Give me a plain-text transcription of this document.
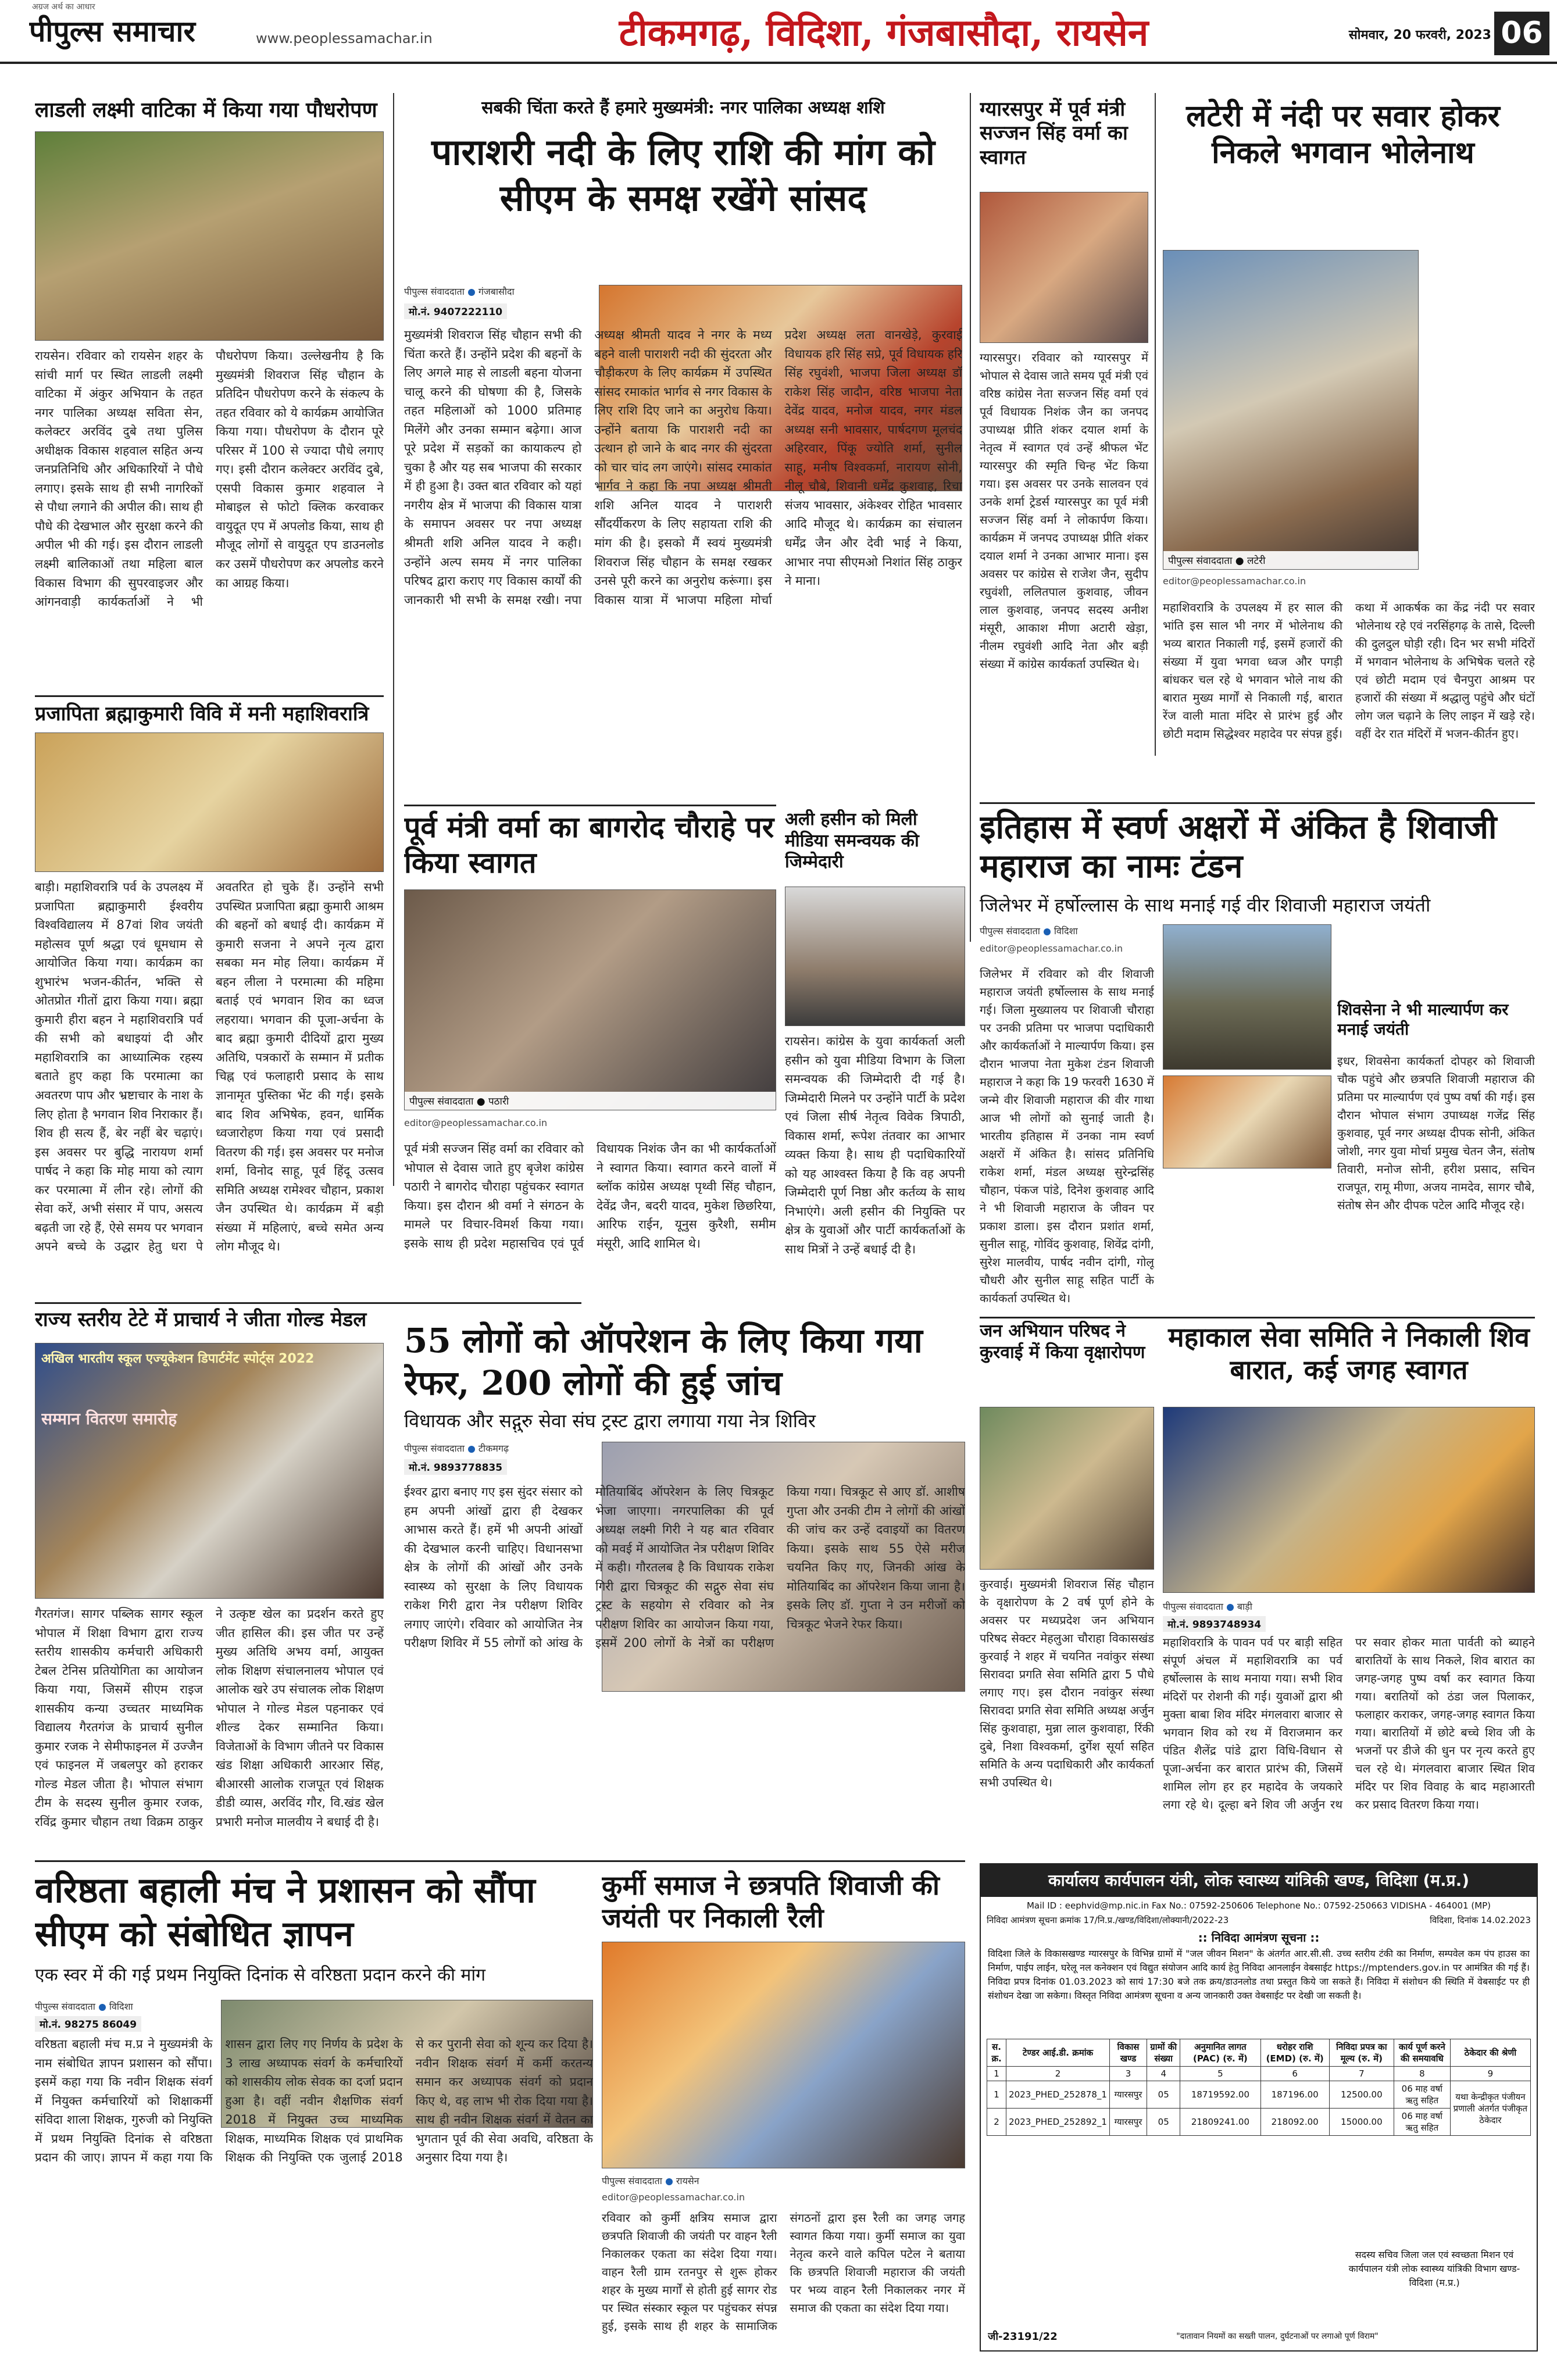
पीपुल्स समाचार
अग्रज अर्थ का आधार
www.peoplessamachar.in	टीकमगढ़, विदिशा, गंजबासौदा, रायसेन	सोमवार, 20 फरवरी, 2023 06
लाडली लक्ष्मी वाटिका में किया गया पौधरोपण
रायसेन। रविवार को रायसेन शहर के सांची मार्ग पर स्थित लाडली लक्ष्मी वाटिका में अंकुर अभियान के तहत नगर पालिका अध्यक्ष सविता सेन, कलेक्टर अरविंद दुबे तथा पुलिस अधीक्षक विकास शहवाल सहित अन्य जनप्रतिनिधि और अधिकारियों ने पौधे लगाए। इसके साथ ही सभी नागरिकों से पौधा लगाने की अपील की। साथ ही पौधे की देखभाल और सुरक्षा करने की अपील भी की गई। इस दौरान लाडली लक्ष्मी बालिकाओं तथा महिला बाल विकास विभाग की सुपरवाइजर और आंगनवाड़ी कार्यकर्ताओं ने भी पौधरोपण किया। उल्लेखनीय है कि मुख्यमंत्री शिवराज सिंह चौहान के प्रतिदिन पौधरोपण करने के संकल्प के तहत रविवार को ये कार्यक्रम आयोजित किया गया। पौधरोपण के दौरान पूरे परिसर में 100 से ज्यादा पौधे लगाए गए। इसी दौरान कलेक्टर अरविंद दुबे, एसपी विकास कुमार शहवाल ने मोबाइल से फोटो क्लिक करवाकर वायुदूत एप में अपलोड किया, साथ ही मौजूद लोगों से वायुदूत एप डाउनलोड कर उसमें पौधरोपण कर अपलोड करने का आग्रह किया।
प्रजापिता ब्रह्माकुमारी विवि में मनी महाशिवरात्रि
बाड़ी। महाशिवरात्रि पर्व के उपलक्ष्य में प्रजापिता ब्रह्माकुमारी ईश्वरीय विश्वविद्यालय में 87वां शिव जयंती महोत्सव पूर्ण श्रद्धा एवं धूमधाम से आयोजित किया गया। कार्यक्रम का शुभारंभ भजन-कीर्तन, भक्ति से ओतप्रोत गीतों द्वारा किया गया। ब्रह्मा कुमारी हीरा बहन ने महाशिवरात्रि पर्व की सभी को बधाइयां दी और महाशिवरात्रि का आध्यात्मिक रहस्य बताते हुए कहा कि परमात्मा का अवतरण पाप और भ्रष्टाचार के नाश के लिए होता है भगवान शिव निराकार हैं। शिव ही सत्य हैं, बेर नहीं बेर चढ़ाएं। इस अवसर पर बुद्धि नारायण शर्मा पार्षद ने कहा कि मोह माया को त्याग कर परमात्मा में लीन रहे। लोगों की सेवा करें, अभी संसार में पाप, असत्य बढ़ती जा रहे हैं, ऐसे समय पर भगवान अपने बच्चे के उद्धार हेतु धरा पे अवतरित हो चुके हैं। उन्होंने सभी उपस्थित प्रजापिता ब्रह्मा कुमारी आश्रम की बहनों को बधाई दी। कार्यक्रम में कुमारी सजना ने अपने नृत्य द्वारा सबका मन मोह लिया। कार्यक्रम में बहन लीला ने परमात्मा की महिमा बताई एवं भगवान शिव का ध्वज लहराया। भगवान की पूजा-अर्चना के बाद ब्रह्मा कुमारी दीदियों द्वारा मुख्य अतिथि, पत्रकारों के सम्मान में प्रतीक चिह्न एवं फलाहारी प्रसाद के साथ ज्ञानामृत पुस्तिका भेंट की गई। इसके बाद शिव अभिषेक, हवन, धार्मिक ध्वजारोहण किया गया एवं प्रसादी वितरण की गई। इस अवसर पर मनोज शर्मा, विनोद साहू, पूर्व हिंदू उत्सव समिति अध्यक्ष रामेश्वर चौहान, प्रकाश जैन उपस्थित थे। कार्यक्रम में बड़ी संख्या में महिलाएं, बच्चे समेत अन्य लोग मौजूद थे।
सबकी चिंता करते हैं हमारे मुख्यमंत्री: नगर पालिका अध्यक्ष शशि
पाराशरी नदी के लिए राशि की मांग को सीएम के समक्ष रखेंगे सांसद
पीपुल्स संवाददाता गंजबासौदा
मो.नं. 9407222110
मुख्यमंत्री शिवराज सिंह चौहान सभी की चिंता करते हैं। उन्होंने प्रदेश की बहनों के लिए अगले माह से लाडली बहना योजना चालू करने की घोषणा की है, जिसके तहत महिलाओं को 1000 प्रतिमाह मिलेंगे और उनका सम्मान बढ़ेगा। आज पूरे प्रदेश में सड़कों का कायाकल्प हो चुका है और यह सब भाजपा की सरकार में ही हुआ है। उक्त बात रविवार को यहां नगरीय क्षेत्र में भाजपा की विकास यात्रा के समापन अवसर पर नपा अध्यक्ष श्रीमती शशि अनिल यादव ने कही। उन्होंने अल्प समय में नगर पालिका परिषद द्वारा कराए गए विकास कार्यों की जानकारी भी सभी के समक्ष रखी। नपा अध्यक्ष श्रीमती यादव ने नगर के मध्य बहने वाली पाराशरी नदी की सुंदरता और चौड़ीकरण के लिए कार्यक्रम में उपस्थित सांसद रमाकांत भार्गव से नगर विकास के लिए राशि दिए जाने का अनुरोध किया। उन्होंने बताया कि पाराशरी नदी का उत्थान हो जाने के बाद नगर की सुंदरता को चार चांद लग जाएंगे। सांसद रमाकांत भार्गव ने कहा कि नपा अध्यक्ष श्रीमती शशि अनिल यादव ने पाराशरी सौंदर्यीकरण के लिए सहायता राशि की मांग की है। इसको मैं स्वयं मुख्यमंत्री शिवराज सिंह चौहान के समक्ष रखकर उनसे पूरी करने का अनुरोध करूंगा। इस विकास यात्रा में भाजपा महिला मोर्चा प्रदेश अध्यक्ष लता वानखेड़े, कुरवाई विधायक हरि सिंह सप्रे, पूर्व विधायक हरि सिंह रघुवंशी, भाजपा जिला अध्यक्ष डॉ राकेश सिंह जादौन, वरिष्ठ भाजपा नेता देवेंद्र यादव, मनोज यादव, नगर मंडल अध्यक्ष सनी भावसार, पार्षदगण मूलचंद अहिरवार, पिंकू ज्योति शर्मा, सुनील साहू, मनीष विश्वकर्मा, नारायण सोनी, नीलू चौबे, शिवानी धर्मेंद्र कुशवाह, रिचा संजय भावसार, अंकेश्वर रोहित भावसार आदि मौजूद थे। कार्यक्रम का संचालन धर्मेंद्र जैन और देवी भाई ने किया, आभार नपा सीएमओ निशांत सिंह ठाकुर ने माना।
पूर्व मंत्री वर्मा का बागरोद चौराहे पर किया स्वागत
पीपुल्स संवाददाता ● पठारी
editor@peoplessamachar.co.in
पूर्व मंत्री सज्जन सिंह वर्मा का रविवार को भोपाल से देवास जाते हुए बृजेश कांग्रेस पठारी ने बागरोद चौराहा पहुंचकर स्वागत किया। इस दौरान श्री वर्मा ने संगठन के मामले पर विचार-विमर्श किया गया। इसके साथ ही प्रदेश महासचिव एवं पूर्व विधायक निशंक जैन का भी कार्यकर्ताओं ने स्वागत किया। स्वागत करने वालों में ब्लॉक कांग्रेस अध्यक्ष पृथ्वी सिंह चौहान, देवेंद्र जैन, बदरी यादव, मुकेश छिछरिया, आरिफ राईन, यूनुस कुरैशी, समीम मंसूरी, आदि शामिल थे।
अली हसीन को मिली मीडिया समन्वयक की जिम्मेदारी
रायसेन। कांग्रेस के युवा कार्यकर्ता अली हसीन को युवा मीडिया विभाग के जिला समन्वयक की जिम्मेदारी दी गई है। जिम्मेदारी मिलने पर उन्होंने पार्टी के प्रदेश एवं जिला सीर्ष नेतृत्व विवेक त्रिपाठी, विकास शर्मा, रूपेश तंतवार का आभार व्यक्त किया है। साथ ही पदाधिकारियों को यह आश्वस्त किया है कि वह अपनी जिम्मेदारी पूर्ण निष्ठा और कर्तव्य के साथ निभाएंगे। अली हसीन की नियुक्ति पर क्षेत्र के युवाओं और पार्टी कार्यकर्ताओं के साथ मित्रों ने उन्हें बधाई दी है।
ग्यारसपुर में पूर्व मंत्री सज्जन सिंह वर्मा का स्वागत
ग्यारसपुर। रविवार को ग्यारसपुर में भोपाल से देवास जाते समय पूर्व मंत्री एवं वरिष्ठ कांग्रेस नेता सज्जन सिंह वर्मा एवं पूर्व विधायक निशंक जैन का जनपद उपाध्यक्ष प्रीति शंकर दयाल शर्मा के नेतृत्व में स्वागत एवं उन्हें श्रीफल भेंट ग्यारसपुर की स्मृति चिन्ह भेंट किया गया। इस अवसर पर उनके सालवन एवं उनके शर्मा ट्रेडर्स ग्यारसपुर का पूर्व मंत्री सज्जन सिंह वर्मा ने लोकार्पण किया। कार्यक्रम में जनपद उपाध्यक्ष प्रीति शंकर दयाल शर्मा ने उनका आभार माना। इस अवसर पर कांग्रेस से राजेश जैन, सुदीप रघुवंशी, ललितपाल कुशवाह, जीवन लाल कुशवाह, जनपद सदस्य अनीश मंसूरी, आकाश मीणा अटारी खेड़ा, नीलम रघुवंशी आदि नेता और बड़ी संख्या में कांग्रेस कार्यकर्ता उपस्थित थे।
लटेरी में नंदी पर सवार होकर निकले भगवान भोलेनाथ
पीपुल्स संवाददाता ● लटेरी
editor@peoplessamachar.co.in
महाशिवरात्रि के उपलक्ष्य में हर साल की भांति इस साल भी नगर में भोलेनाथ की भव्य बारात निकाली गई, इसमें हजारों की संख्या में युवा भगवा ध्वज और पगड़ी बांधकर चल रहे थे भगवान भोले नाथ की बारात मुख्य मार्गों से निकाली गई, बारात रेंज वाली माता मंदिर से प्रारंभ हुई और छोटी मदाम सिद्धेश्वर महादेव पर संपन्न हुई। कथा में आकर्षक का केंद्र नंदी पर सवार भोलेनाथ रहे एवं नरसिंहगढ़ के तासे, दिल्ली की दुलदुल घोड़ी रही। दिन भर सभी मंदिरों में भगवान भोलेनाथ के अभिषेक चलते रहे एवं छोटी मदाम एवं चैनपुरा आश्रम पर हजारों की संख्या में श्रद्धालु पहुंचे और घंटों लोग जल चढ़ाने के लिए लाइन में खड़े रहे। वहीं देर रात मंदिरों में भजन-कीर्तन हुए।
इतिहास में स्वर्ण अक्षरों में अंकित है शिवाजी महाराज का नामः टंडन
जिलेभर में हर्षोल्लास के साथ मनाई गई वीर शिवाजी महाराज जयंती
पीपुल्स संवाददाता विदिशा
editor@peoplessamachar.co.in
जिलेभर में रविवार को वीर शिवाजी महाराज जयंती हर्षोल्लास के साथ मनाई गई। जिला मुख्यालय पर शिवाजी चौराहा पर उनकी प्रतिमा पर भाजपा पदाधिकारी और कार्यकर्ताओं ने माल्यार्पण किया। इस दौरान भाजपा नेता मुकेश टंडन शिवाजी महाराज ने कहा कि 19 फरवरी 1630 में जन्मे वीर शिवाजी महाराज की वीर गाथा आज भी लोगों को सुनाई जाती है। भारतीय इतिहास में उनका नाम स्वर्ण अक्षरों में अंकित है। सांसद प्रतिनिधि राकेश शर्मा, मंडल अध्यक्ष सुरेन्द्रसिंह चौहान, पंकज पांडे, दिनेश कुशवाह आदि ने भी शिवाजी महाराज के जीवन पर प्रकाश डाला। इस दौरान प्रशांत शर्मा, सुनील साहू, गोविंद कुशवाह, शिवेंद्र दांगी, सुरेश मालवीय, पार्षद नवीन दांगी, गोलू चौधरी और सुनील साहू सहित पार्टी के कार्यकर्ता उपस्थित थे।
शिवसेना ने भी माल्यार्पण कर मनाई जयंती
इधर, शिवसेना कार्यकर्ता दोपहर को शिवाजी चौक पहुंचे और छत्रपति शिवाजी महाराज की प्रतिमा पर माल्यार्पण एवं पुष्प वर्षा की गई। इस दौरान भोपाल संभाग उपाध्यक्ष गजेंद्र सिंह कुशवाह, पूर्व नगर अध्यक्ष दीपक सोनी, अंकित जोशी, नगर युवा मोर्चा प्रमुख चेतन जैन, संतोष तिवारी, मनोज सोनी, हरीश प्रसाद, सचिन राजपूत, रामू मीणा, अजय नामदेव, सागर चौबे, संतोष सेन और दीपक पटेल आदि मौजूद रहे।
राज्य स्तरीय टेटे में प्राचार्य ने जीता गोल्ड मेडल
अखिल भारतीय स्कूल एज्यूकेशन डिपार्टमेंट स्पोर्ट्स 2022
सम्मान वितरण समारोह
गैरतगंज। सागर पब्लिक सागर स्कूल भोपाल में शिक्षा विभाग द्वारा राज्य स्तरीय शासकीय कर्मचारी अधिकारी टेबल टेनिस प्रतियोगिता का आयोजन किया गया, जिसमें सीएम राइज शासकीय कन्या उच्चतर माध्यमिक विद्यालय गैरतगंज के प्राचार्य सुनील कुमार रजक ने सेमीफाइनल में उज्जैन एवं फाइनल में जबलपुर को हराकर गोल्ड मेडल जीता है। भोपाल संभाग टीम के सदस्य सुनील कुमार रजक, रविंद्र कुमार चौहान तथा विक्रम ठाकुर ने उत्कृष्ट खेल का प्रदर्शन करते हुए जीत हासिल की। इस जीत पर उन्हें मुख्य अतिथि अभय वर्मा, आयुक्त लोक शिक्षण संचालनालय भोपाल एवं आलोक खरे उप संचालक लोक शिक्षण भोपाल ने गोल्ड मेडल पहनाकर एवं शील्ड देकर सम्मानित किया। विजेताओं के विभाग जीतने पर विकास खंड शिक्षा अधिकारी आरआर सिंह, बीआरसी आलोक राजपूत एवं शिक्षक डीडी व्यास, अरविंद गौर, वि.खंड खेल प्रभारी मनोज मालवीय ने बधाई दी है।
55 लोगों को ऑपरेशन के लिए किया गया रेफर, 200 लोगों की हुई जांच
विधायक और सद्गुरु सेवा संघ ट्रस्ट द्वारा लगाया गया नेत्र शिविर
पीपुल्स संवाददाता टीकमगढ़
मो.नं. 9893778835
ईश्वर द्वारा बनाए गए इस सुंदर संसार को हम अपनी आंखों द्वारा ही देखकर आभास करते हैं। हमें भी अपनी आंखों की देखभाल करनी चाहिए। विधानसभा क्षेत्र के लोगों की आंखों और उनके स्वास्थ्य को सुरक्षा के लिए विधायक राकेश गिरी द्वारा नेत्र परीक्षण शिविर लगाए जाएंगे। रविवार को आयोजित नेत्र परीक्षण शिविर में 55 लोगों को आंख के मोतियाबिंद ऑपरेशन के लिए चित्रकूट भेजा जाएगा। नगरपालिका की पूर्व अध्यक्ष लक्ष्मी गिरी ने यह बात रविवार को मवई में आयोजित नेत्र परीक्षण शिविर में कही। गौरतलब है कि विधायक राकेश गिरी द्वारा चित्रकूट की सद्गुरु सेवा संघ ट्रस्ट के सहयोग से रविवार को नेत्र परीक्षण शिविर का आयोजन किया गया, इसमें 200 लोगों के नेत्रों का परीक्षण किया गया। चित्रकूट से आए डॉ. आशीष गुप्ता और उनकी टीम ने लोगों की आंखों की जांच कर उन्हें दवाइयों का वितरण किया। इसके साथ 55 ऐसे मरीज चयनित किए गए, जिनकी आंख के मोतियाबिंद का ऑपरेशन किया जाना है। इसके लिए डॉ. गुप्ता ने उन मरीजों को चित्रकूट भेजने रेफर किया।
जन अभियान परिषद ने कुरवाई में किया वृक्षारोपण
कुरवाई। मुख्यमंत्री शिवराज सिंह चौहान के वृक्षारोपण के 2 वर्ष पूर्ण होने के अवसर पर मध्यप्रदेश जन अभियान परिषद सेक्टर मेहलुआ चौराहा विकासखंड कुरवाई ने शहर में चयनित नवांकुर संस्था सिरावदा प्रगति सेवा समिति द्वारा 5 पौधे लगाए गए। इस दौरान नवांकुर संस्था सिरावदा प्रगति सेवा समिति अध्यक्ष अर्जुन सिंह कुशवाहा, मुन्ना लाल कुशवाहा, रिंकी दुबे, निशा विश्वकर्मा, दुर्गेश सूर्या सहित समिति के अन्य पदाधिकारी और कार्यकर्ता सभी उपस्थित थे।
महाकाल सेवा समिति ने निकाली शिव बारात, कई जगह स्वागत
पीपुल्स संवाददाता बाड़ी
मो.नं. 9893748934
महाशिवरात्रि के पावन पर्व पर बाड़ी सहित संपूर्ण अंचल में महाशिवरात्रि का पर्व हर्षोल्लास के साथ मनाया गया। सभी शिव मंदिरों पर रोशनी की गई। युवाओं द्वारा श्री मुक्ता बाबा शिव मंदिर मंगलवारा बाजार से भगवान शिव को रथ में विराजमान कर पंडित शैलेंद्र पांडे द्वारा विधि-विधान से पूजा-अर्चना कर बारात प्रारंभ की, जिसमें शामिल लोग हर हर महादेव के जयकारे लगा रहे थे। दूल्हा बने शिव जी अर्जुन रथ पर सवार होकर माता पार्वती को ब्याहने बारातियों के साथ निकले, शिव बारात का जगह-जगह पुष्प वर्षा कर स्वागत किया गया। बरातियों को ठंडा जल पिलाकर, फलाहार कराकर, जगह-जगह स्वागत किया गया। बारातियों में छोटे बच्चे शिव जी के भजनों पर डीजे की धुन पर नृत्य करते हुए चल रहे थे। मंगलवारा बाजार स्थित शिव मंदिर पर शिव विवाह के बाद महाआरती कर प्रसाद वितरण किया गया।
वरिष्ठता बहाली मंच ने प्रशासन को सौंपा सीएम को संबोधित ज्ञापन
एक स्वर में की गई प्रथम नियुक्ति दिनांक से वरिष्ठता प्रदान करने की मांग
पीपुल्स संवाददाता विदिशा
मो.नं. 98275 86049
वरिष्ठता बहाली मंच म.प्र ने मुख्यमंत्री के नाम संबोधित ज्ञापन प्रशासन को सौंपा। इसमें कहा गया कि नवीन शिक्षक संवर्ग में नियुक्त कर्मचारियों को शिक्षाकर्मी संविदा शाला शिक्षक, गुरुजी को नियुक्ति में प्रथम नियुक्ति दिनांक से वरिष्ठता प्रदान की जाए। ज्ञापन में कहा गया कि शासन द्वारा लिए गए निर्णय के प्रदेश के 3 लाख अध्यापक संवर्ग के कर्मचारियों को शासकीय लोक सेवक का दर्जा प्रदान हुआ है। वहीं नवीन शैक्षणिक संवर्ग 2018 में नियुक्त उच्च माध्यमिक शिक्षक, माध्यमिक शिक्षक एवं प्राथमिक शिक्षक की नियुक्ति एक जुलाई 2018 से कर पुरानी सेवा को शून्य कर दिया है। नवीन शिक्षक संवर्ग में कर्मी करतन्य समान कर अध्यापक संवर्ग को प्रदान किए थे, वह लाभ भी रोक दिया गया है। साथ ही नवीन शिक्षक संवर्ग में वेतन का भुगतान पूर्व की सेवा अवधि, वरिष्ठता के अनुसार दिया गया है।
कुर्मी समाज ने छत्रपति शिवाजी की जयंती पर निकाली रैली
पीपुल्स संवाददाता रायसेन
editor@peoplessamachar.co.in
रविवार को कुर्मी क्षत्रिय समाज द्वारा छत्रपति शिवाजी की जयंती पर वाहन रैली निकालकर एकता का संदेश दिया गया। वाहन रैली ग्राम रतनपुर से शुरू होकर शहर के मुख्य मार्गों से होती हुई सागर रोड पर स्थित संस्कार स्कूल पर पहुंचकर संपन्न हुई, इसके साथ ही शहर के सामाजिक संगठनों द्वारा इस रैली का जगह जगह स्वागत किया गया। कुर्मी समाज का युवा नेतृत्व करने वाले कपिल पटेल ने बताया कि छत्रपति शिवाजी महाराज की जयंती पर भव्य वाहन रैली निकालकर नगर में समाज की एकता का संदेश दिया गया।
कार्यालय कार्यपालन यंत्री, लोक स्वास्थ्य यांत्रिकी खण्ड, विदिशा (म.प्र.)
Mail ID : eephvid@mp.nic.in Fax No.: 07592-250606 Telephone No.: 07592-250663 VIDISHA - 464001 (MP)
निविदा आमंत्रण सूचना क्रमांक 17/नि.प्र./खण्ड/विदिशा/लोक्यानी/2022-23	विदिशा, दिनांक 14.02.2023
:: निविदा आमंत्रण सूचना ::
विदिशा जिले के विकासखण्ड ग्यारसपुर के विभिन्न ग्रामों में "जल जीवन मिशन" के अंतर्गत आर.सी.सी. उच्च स्तरीय टंकी का निर्माण, सम्पवेल कम पंप हाउस का निर्माण, पाईप लाईन, घरेलू नल कनेक्शन एवं विद्युत संयोजन आदि कार्य हेतु निविदा आनलाईन वेबसाईट https://mptenders.gov.in पर आमंत्रित की गई हैं। निविदा प्रपत्र दिनांक 01.03.2023 को सायं 17:30 बजे तक क्रय/डाउनलोड तथा प्रस्तुत किये जा सकते हैं। निविदा में संशोधन की स्थिति में वेबसाईट पर ही संशोधन देखा जा सकेगा। विस्तृत निविदा आमंत्रण सूचना व अन्य जानकारी उक्त वेबसाईट पर देखी जा सकती है।
स. क्र.	टेण्डर आई.डी. क्रमांक	विकास खण्ड	ग्रामों की संख्या	अनुमानित लागत (PAC) (रु. में)	धरोहर राशि (EMD) (रु. में)	निविदा प्रपत्र का मूल्य (रु. में)	कार्य पूर्ण करने की समयावधि	ठेकेदार की श्रेणी
1	2	3	4	5	6	7	8	9
1	2023_PHED_252878_1	ग्यारसपुर	05	18719592.00	187196.00	12500.00	06 माह वर्षा ऋतु सहित	यथा केन्द्रीकृत पंजीयन प्रणाली अंतर्गत पंजीकृत ठेकेदार
2	2023_PHED_252892_1	ग्यारसपुर	05	21809241.00	218092.00	15000.00	06 माह वर्षा ऋतु सहित	
सदस्य सचिव जिला जल एवं स्वच्छता मिशन एवं कार्यपालन यंत्री लोक स्वास्थ्य यांत्रिकी विभाग खण्ड-विदिशा (म.प्र.)
जी-23191/22	"दातावान नियमों का सख्ती पालन, दुर्घटनाओं पर लगाओ पूर्ण विराम"
